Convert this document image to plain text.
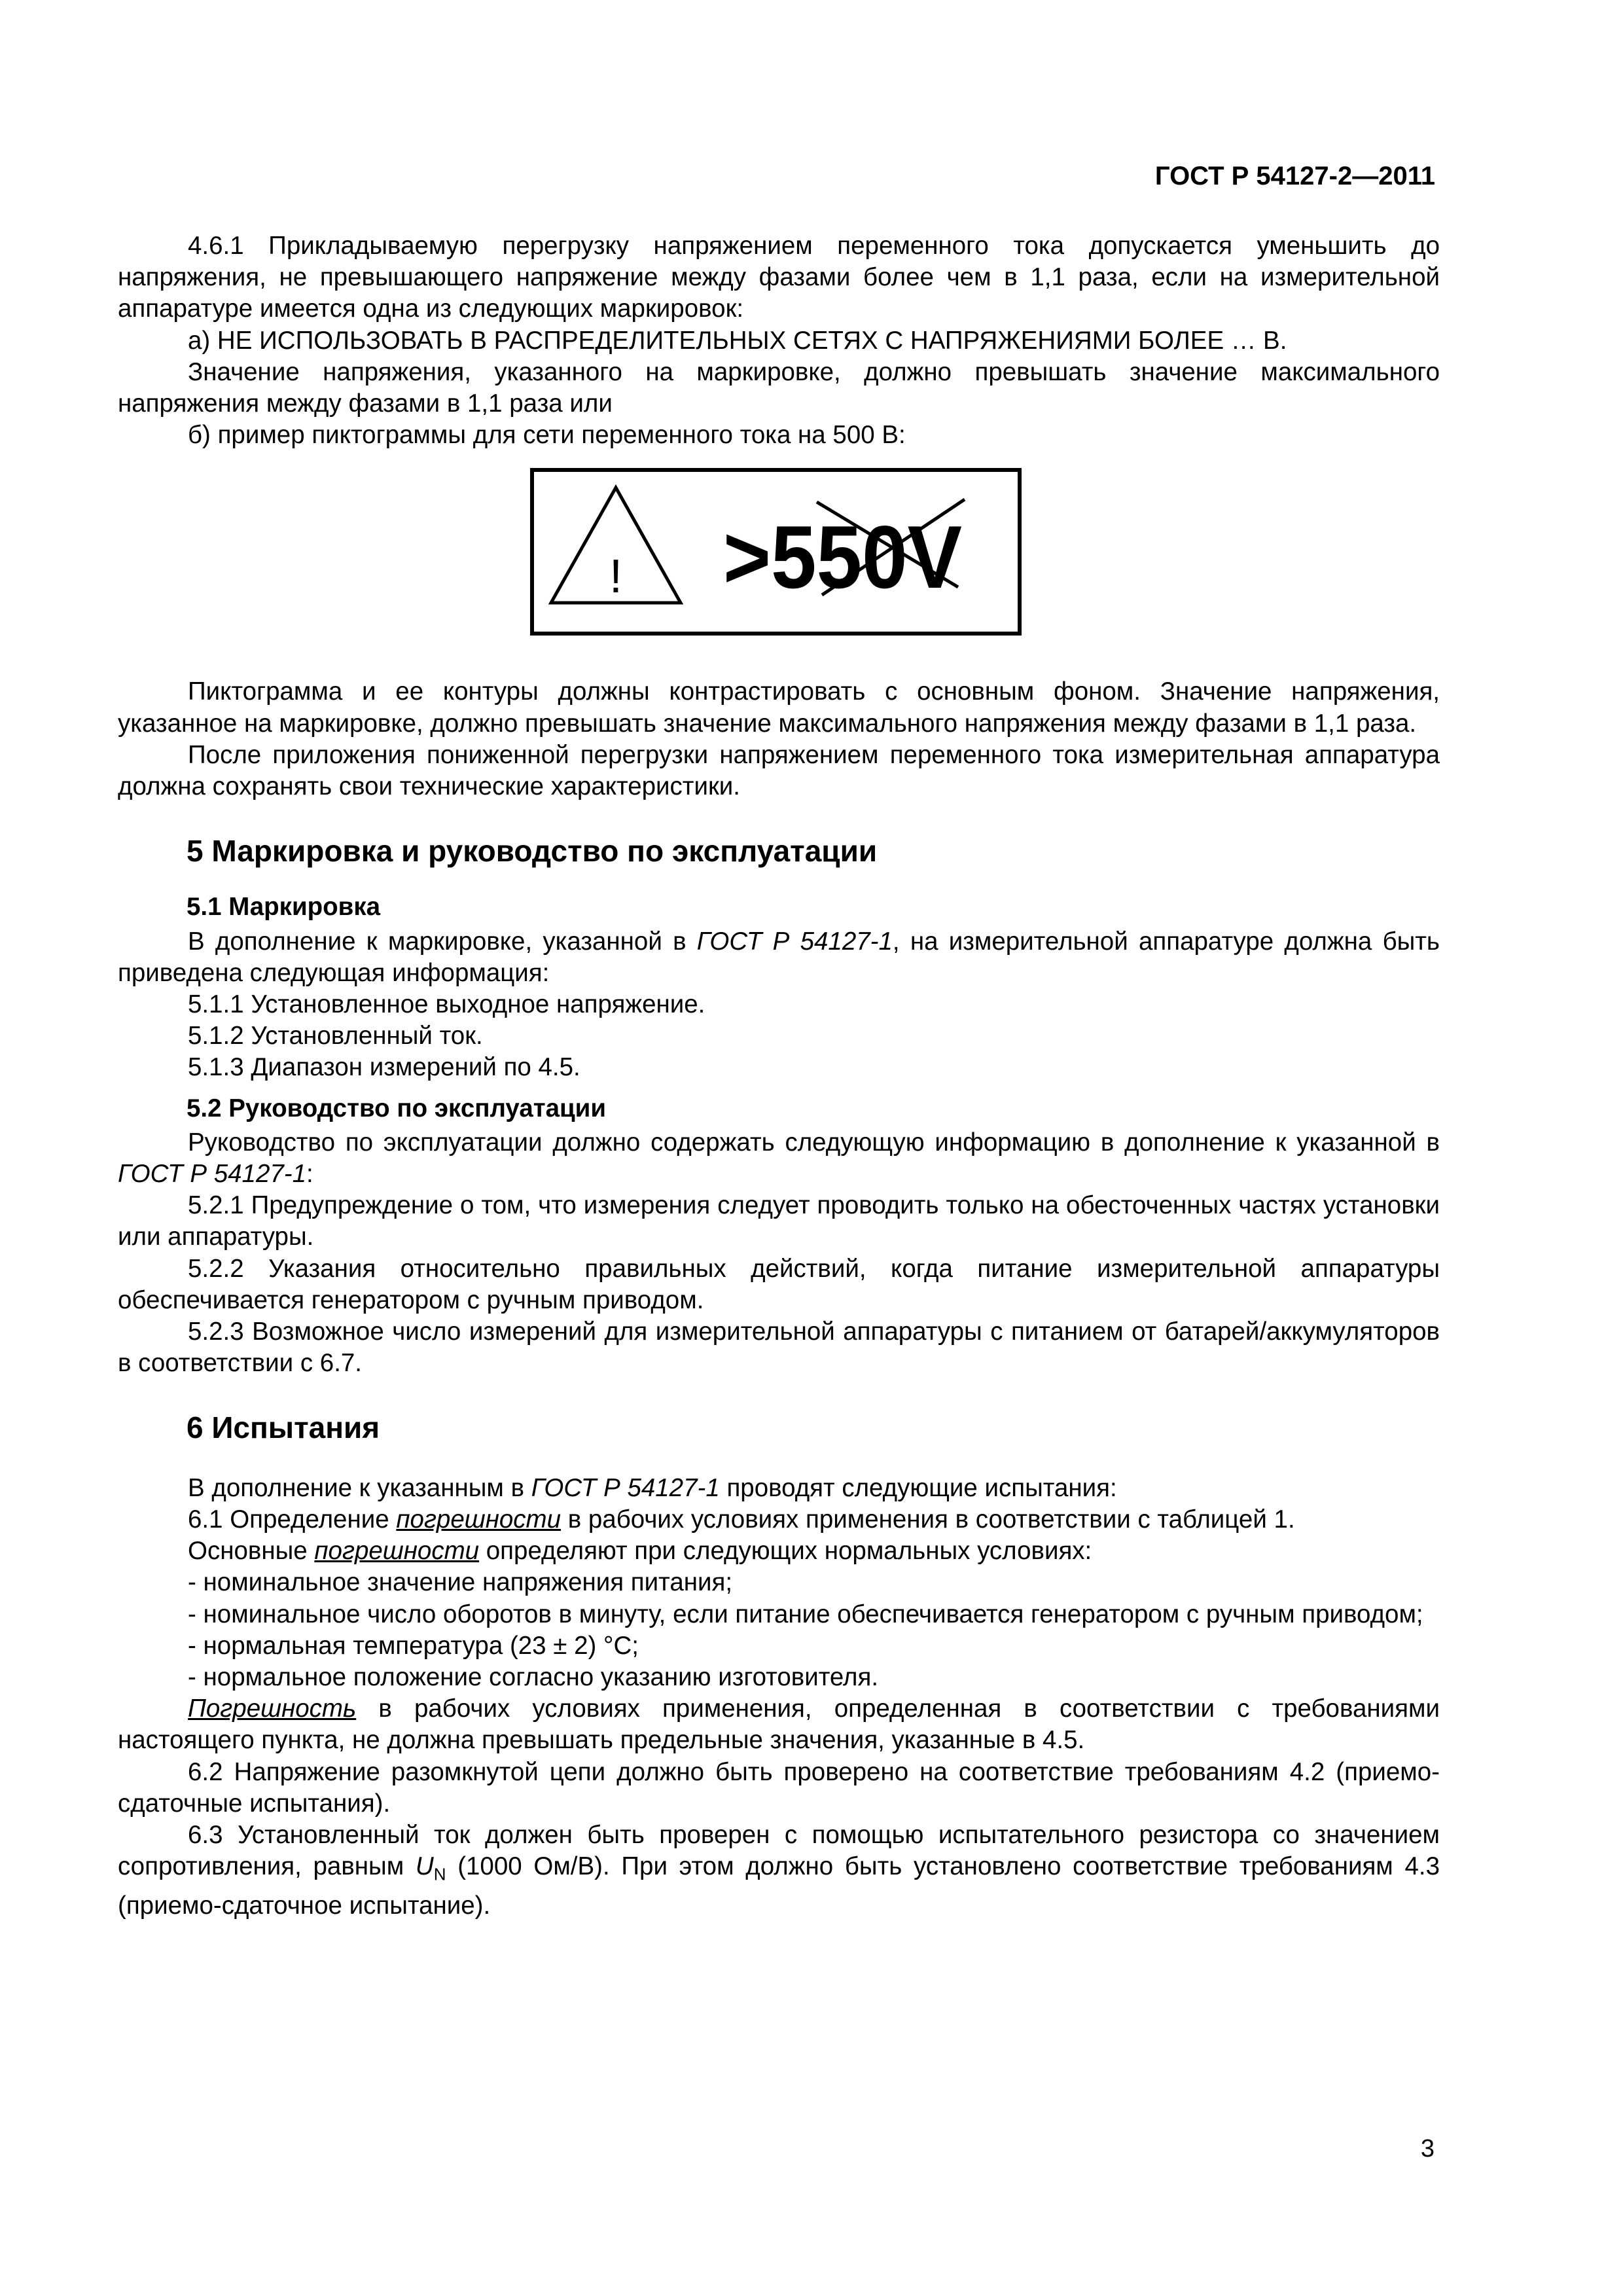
ГОСТ Р 54127-2—2011

4.6.1 Прикладываемую перегрузку напряжением переменного тока допускается уменьшить до напряжения, не превышающего напряжение между фазами более чем в 1,1 раза, если на измерительной аппаратуре имеется одна из следующих маркировок:

а) НЕ ИСПОЛЬЗОВАТЬ В РАСПРЕДЕЛИТЕЛЬНЫХ СЕТЯХ С НАПРЯЖЕНИЯМИ БОЛЕЕ … В.

Значение напряжения, указанного на маркировке, должно превышать значение максимального напряжения между фазами в 1,1 раза или

б) пример пиктограммы для сети переменного тока на 500 В:

! >550V

Пиктограмма и ее контуры должны контрастировать с основным фоном. Значение напряжения, указанное на маркировке, должно превышать значение максимального напряжения между фазами в 1,1 раза.

После приложения пониженной перегрузки напряжением переменного тока измерительная аппаратура должна сохранять свои технические характеристики.

5 Маркировка и руководство по эксплуатации

5.1 Маркировка

В дополнение к маркировке, указанной в ГОСТ Р 54127-1, на измерительной аппаратуре должна быть приведена следующая информация:

5.1.1 Установленное выходное напряжение.

5.1.2 Установленный ток.

5.1.3 Диапазон измерений по 4.5.

5.2 Руководство по эксплуатации

Руководство по эксплуатации должно содержать следующую информацию в дополнение к указанной в ГОСТ Р 54127-1:

5.2.1 Предупреждение о том, что измерения следует проводить только на обесточенных частях установки или аппаратуры.

5.2.2 Указания относительно правильных действий, когда питание измерительной аппаратуры обеспечивается генератором с ручным приводом.

5.2.3 Возможное число измерений для измерительной аппаратуры с питанием от батарей/аккумуляторов в соответствии с 6.7.

6 Испытания

В дополнение к указанным в ГОСТ Р 54127-1 проводят следующие испытания:

6.1 Определение погрешности в рабочих условиях применения в соответствии с таблицей 1.

Основные погрешности определяют при следующих нормальных условиях:

- номинальное значение напряжения питания;

- номинальное число оборотов в минуту, если питание обеспечивается генератором с ручным приводом;

- нормальная температура (23 ± 2) °С;

- нормальное положение согласно указанию изготовителя.

Погрешность в рабочих условиях применения, определенная в соответствии с требованиями настоящего пункта, не должна превышать предельные значения, указанные в 4.5.

6.2 Напряжение разомкнутой цепи должно быть проверено на соответствие требованиям 4.2 (приемо-сдаточные испытания).

6.3 Установленный ток должен быть проверен с помощью испытательного резистора со значением сопротивления, равным $U_N$ (1000 Ом/В). При этом должно быть установлено соответствие требованиям 4.3 (приемо-сдаточное испытание).

3
